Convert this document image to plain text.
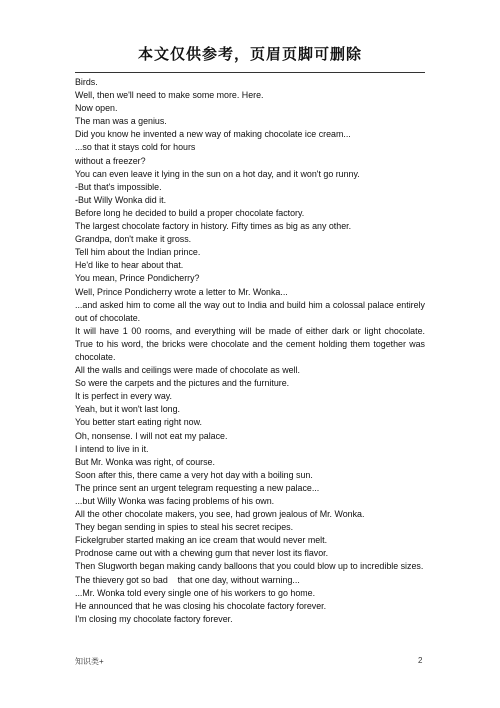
本文仅供参考，页眉页脚可删除
Birds.
Well, then we'll need to make some more. Here.
Now open.
The man was a genius.
Did you know he invented a new way of making chocolate ice cream...
...so that it stays cold for hours
without a freezer?
You can even leave it lying in the sun on a hot day, and it won't go runny.
-But that's impossible.
-But Willy Wonka did it.
Before long he decided to build a proper chocolate factory.
The largest chocolate factory in history. Fifty times as big as any other.
Grandpa, don't make it gross.
Tell him about the Indian prince.
He'd like to hear about that.
You mean, Prince Pondicherry?
Well, Prince Pondicherry wrote a letter to Mr. Wonka...
...and asked him to come all the way out to India and build him a colossal palace entirely out of chocolate.
It will have 1 00 rooms, and everything will be made of either dark or light chocolate.
True to his word, the bricks were chocolate and the cement holding them together was chocolate.
All the walls and ceilings were made of chocolate as well.
So were the carpets and the pictures and the furniture.
It is perfect in every way.
Yeah, but it won't last long.
You better start eating right now.
Oh, nonsense. I will not eat my palace.
I intend to live in it.
But Mr. Wonka was right, of course.
Soon after this, there came a very hot day with a boiling sun.
The prince sent an urgent telegram requesting a new palace...
...but Willy Wonka was facing problems of his own.
All the other chocolate makers, you see, had grown jealous of Mr. Wonka.
They began sending in spies to steal his secret recipes.
Fickelgruber started making an ice cream that would never melt.
Prodnose came out with a chewing gum that never lost its flavor.
Then Slugworth began making candy balloons that you could blow up to incredible sizes.
The thievery got so bad    that one day, without warning...
...Mr. Wonka told every single one of his workers to go home.
He announced that he was closing his chocolate factory forever.
I'm closing my chocolate factory forever.
知识类+	2
